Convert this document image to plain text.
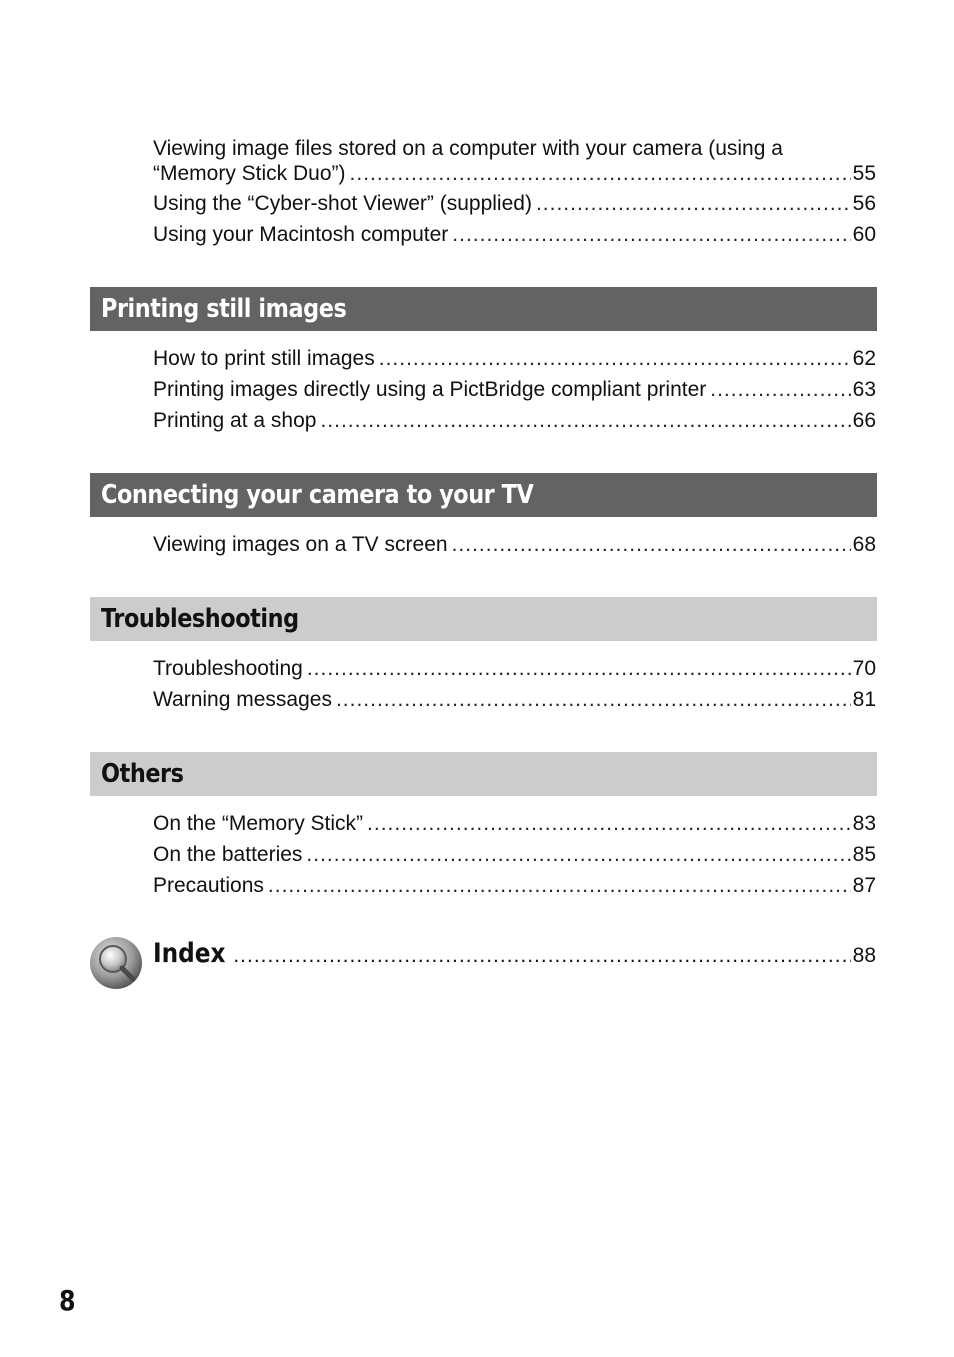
Viewing image files stored on a computer with your camera (using a
“Memory Stick Duo”) .....	55
Using the “Cyber-shot Viewer” (supplied) .....	56
Using your Macintosh computer .....	60
Printing still images
How to print still images .....	62
Printing images directly using a PictBridge compliant printer .....	63
Printing at a shop .....	66
Connecting your camera to your TV
Viewing images on a TV screen .....	68
Troubleshooting
Troubleshooting .....	70
Warning messages .....	81
Others
On the “Memory Stick” .....	83
On the batteries .....	85
Precautions .....	87
Index .....	88
8
